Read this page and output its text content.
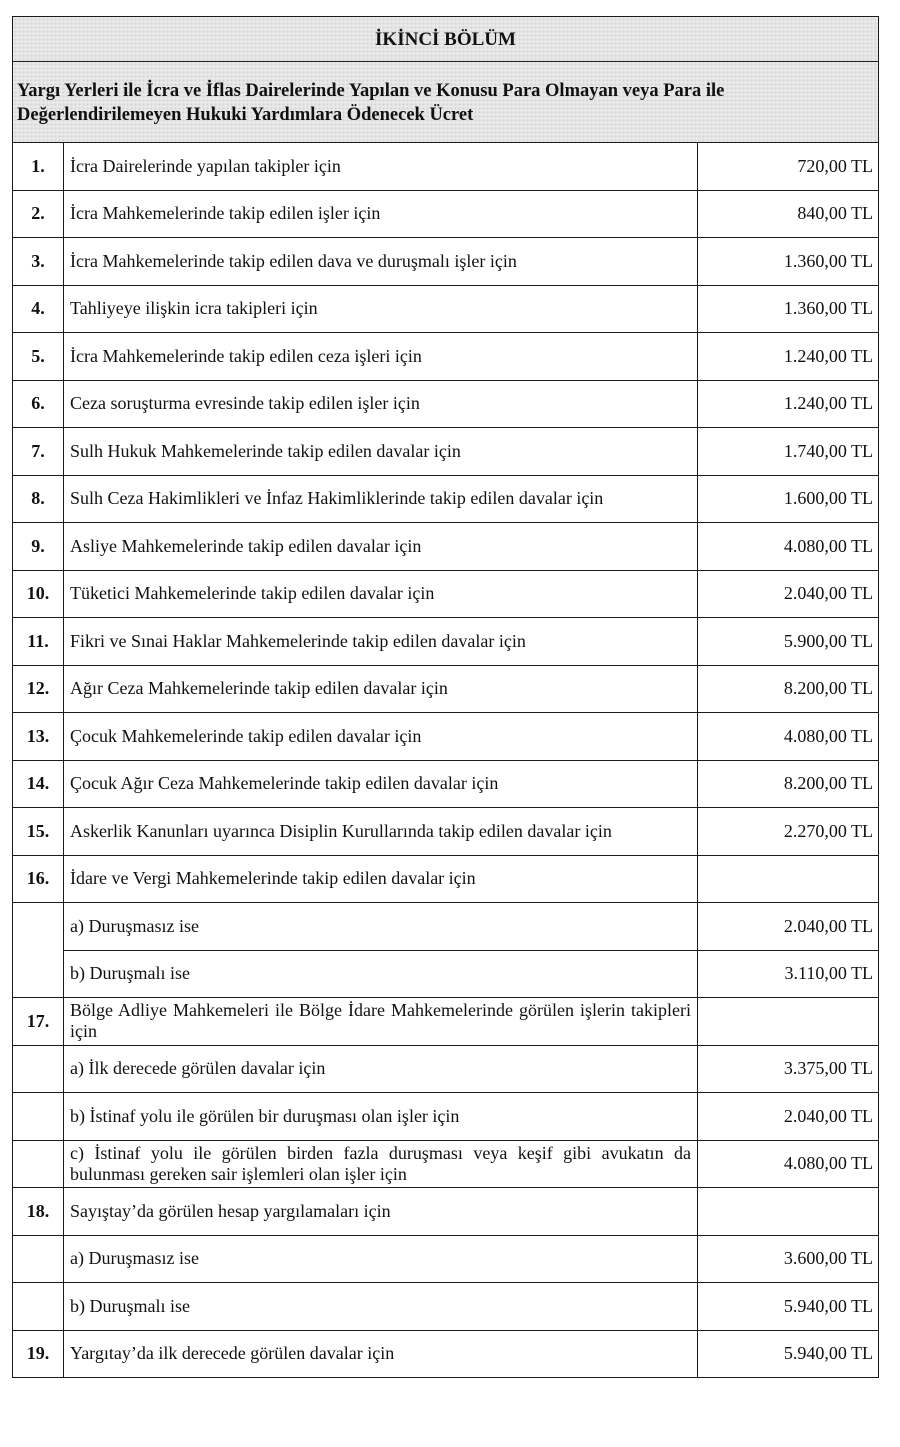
İKİNCİ BÖLÜM		

Yargı Yerleri ile İcra ve İflas Dairelerinde Yapılan ve Konusu Para Olmayan veya Para ile
Değerlendirilemeyen Hukuki Yardımlara Ödenecek Ücret		

1.	İcra Dairelerinde yapılan takipler için	720,00 TL
2.	İcra Mahkemelerinde takip edilen işler için	840,00 TL
3.	İcra Mahkemelerinde takip edilen dava ve duruşmalı işler için	1.360,00 TL
4.	Tahliyeye ilişkin icra takipleri için	1.360,00 TL
5.	İcra Mahkemelerinde takip edilen ceza işleri için	1.240,00 TL
6.	Ceza soruşturma evresinde takip edilen işler için	1.240,00 TL
7.	Sulh Hukuk Mahkemelerinde takip edilen davalar için	1.740,00 TL
8.	Sulh Ceza Hakimlikleri ve İnfaz Hakimliklerinde takip edilen davalar için	1.600,00 TL
9.	Asliye Mahkemelerinde takip edilen davalar için	4.080,00 TL
10.	Tüketici Mahkemelerinde takip edilen davalar için	2.040,00 TL
11.	Fikri ve Sınai Haklar Mahkemelerinde takip edilen davalar için	5.900,00 TL
12.	Ağır Ceza Mahkemelerinde takip edilen davalar için	8.200,00 TL
13.	Çocuk Mahkemelerinde takip edilen davalar için	4.080,00 TL
14.	Çocuk Ağır Ceza Mahkemelerinde takip edilen davalar için	8.200,00 TL
15.	Askerlik Kanunları uyarınca Disiplin Kurullarında takip edilen davalar için	2.270,00 TL
16.	İdare ve Vergi Mahkemelerinde takip edilen davalar için	
	a) Duruşmasız ise	2.040,00 TL
	b) Duruşmalı ise	3.110,00 TL
17.	Bölge Adliye Mahkemeleri ile Bölge İdare Mahkemelerinde görülen işlerin takipleri için	
	a) İlk derecede görülen davalar için	3.375,00 TL
	b) İstinaf yolu ile görülen bir duruşması olan işler için	2.040,00 TL
	c) İstinaf yolu ile görülen birden fazla duruşması veya keşif gibi avukatın da bulunması gereken sair işlemleri olan işler için	4.080,00 TL
18.	Sayıştay’da görülen hesap yargılamaları için	
	a) Duruşmasız ise	3.600,00 TL
	b) Duruşmalı ise	5.940,00 TL
19.	Yargıtay’da ilk derecede görülen davalar için	5.940,00 TL
